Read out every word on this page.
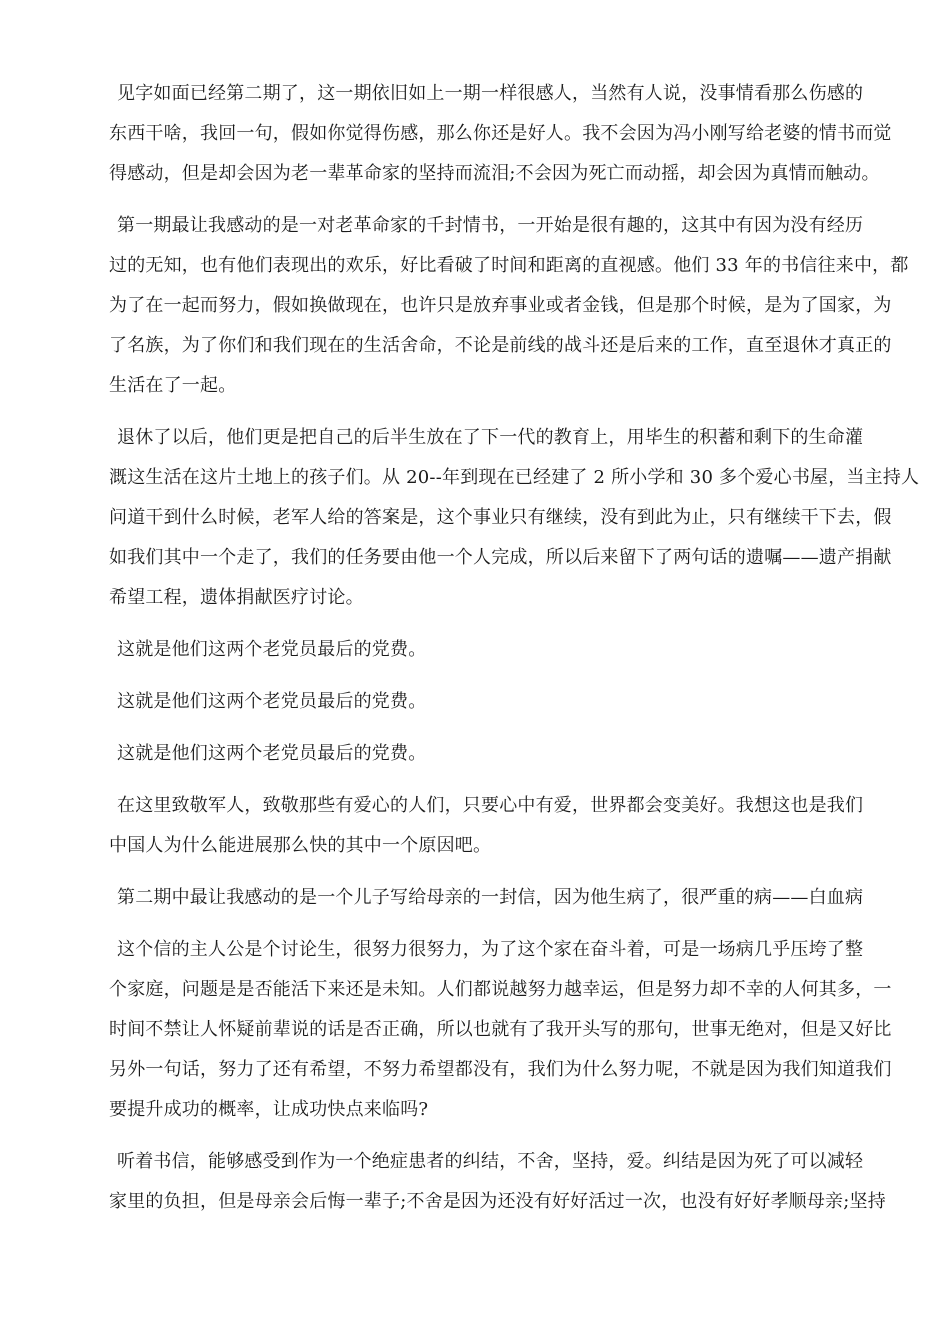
见字如面已经第二期了，这一期依旧如上一期一样很感人，当然有人说，没事情看那么伤感的
东西干啥，我回一句，假如你觉得伤感，那么你还是好人。我不会因为冯小刚写给老婆的情书而觉
得感动，但是却会因为老一辈革命家的坚持而流泪;不会因为死亡而动摇，却会因为真情而触动。
第一期最让我感动的是一对老革命家的千封情书，一开始是很有趣的，这其中有因为没有经历
过的无知，也有他们表现出的欢乐，好比看破了时间和距离的直视感。他们 33 年的书信往来中，都
为了在一起而努力，假如换做现在，也许只是放弃事业或者金钱，但是那个时候，是为了国家，为
了名族，为了你们和我们现在的生活舍命，不论是前线的战斗还是后来的工作，直至退休才真正的
生活在了一起。
退休了以后，他们更是把自己的后半生放在了下一代的教育上，用毕生的积蓄和剩下的生命灌
溉这生活在这片土地上的孩子们。从 20--年到现在已经建了 2 所小学和 30 多个爱心书屋，当主持人
问道干到什么时候，老军人给的答案是，这个事业只有继续，没有到此为止，只有继续干下去，假
如我们其中一个走了，我们的任务要由他一个人完成，所以后来留下了两句话的遗嘱——遗产捐献
希望工程，遗体捐献医疗讨论。
这就是他们这两个老党员最后的党费。
这就是他们这两个老党员最后的党费。
这就是他们这两个老党员最后的党费。
在这里致敬军人，致敬那些有爱心的人们，只要心中有爱，世界都会变美好。我想这也是我们
中国人为什么能进展那么快的其中一个原因吧。
第二期中最让我感动的是一个儿子写给母亲的一封信，因为他生病了，很严重的病——白血病
这个信的主人公是个讨论生，很努力很努力，为了这个家在奋斗着，可是一场病几乎压垮了整
个家庭，问题是是否能活下来还是未知。人们都说越努力越幸运，但是努力却不幸的人何其多，一
时间不禁让人怀疑前辈说的话是否正确，所以也就有了我开头写的那句，世事无绝对，但是又好比
另外一句话，努力了还有希望，不努力希望都没有，我们为什么努力呢，不就是因为我们知道我们
要提升成功的概率，让成功快点来临吗?
听着书信，能够感受到作为一个绝症患者的纠结，不舍，坚持，爱。纠结是因为死了可以减轻
家里的负担，但是母亲会后悔一辈子;不舍是因为还没有好好活过一次，也没有好好孝顺母亲;坚持
